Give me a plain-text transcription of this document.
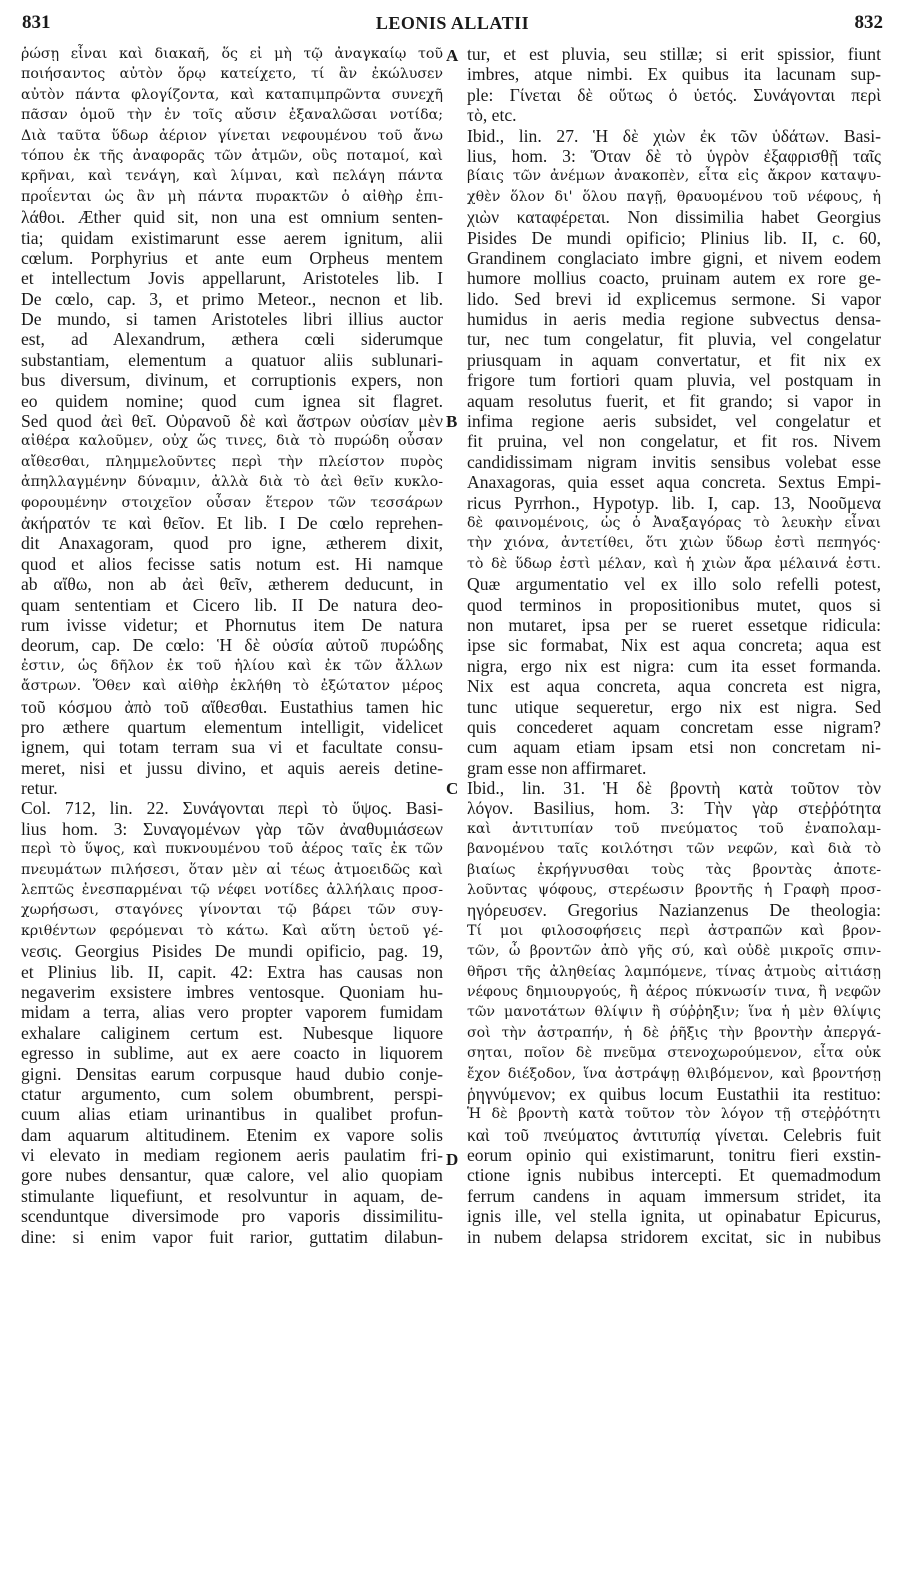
831	LEONIS ALLATII	832
ῥώσῃ εἶναι καὶ διακαῆ, ὅς εἰ μὴ τῷ ἀναγκαίῳ τοῦ
ποιήσαντος αὐτὸν ὅρῳ κατείχετο, τί ἂν ἐκώλυσεν
αὐτὸν πάντα φλογίζοντα, καὶ καταπιμπρῶντα συνεχῆ
πᾶσαν ὁμοῦ τὴν ἐν τοῖς αὔσιν ἐξαναλῶσαι νοτίδα;
Διὰ ταῦτα ὕδωρ ἀέριον γίνεται νεφουμένου τοῦ ἄνω
τόπου ἐκ τῆς ἀναφορᾶς τῶν ἀτμῶν, οὓς ποταμοί, καὶ
κρῆναι, καὶ τενάγη, καὶ λίμναι, καὶ πελάγη πάντα
προΐενται ὡς ἂν μὴ πάντα πυρακτῶν ὁ αἰθὴρ ἐπι-
λάθοι. Æther quid sit, non una est omnium senten-
tia; quidam existimarunt esse aerem ignitum, alii
cœlum. Porphyrius et ante eum Orpheus mentem
et intellectum Jovis appellarunt, Aristoteles lib. I
De cœlo, cap. 3, et primo Meteor., necnon et lib.
De mundo, si tamen Aristoteles libri illius auctor
est, ad Alexandrum, æthera cœli siderumque
substantiam, elementum a quatuor aliis sublunari-
bus diversum, divinum, et corruptionis expers, non
eo quidem nomine; quod cum ignea sit flagret.
Sed quod ἀεὶ θεῖ. Οὐρανοῦ δὲ καὶ ἄστρων οὐσίαν μὲν
αἰθέρα καλοῦμεν, οὐχ ὥς τινες, διὰ τὸ πυρώδη οὖσαν
αἴθεσθαι, πλημμελοῦντες περὶ τὴν πλείστον πυρὸς
ἀπηλλαγμένην δύναμιν, ἀλλὰ διὰ τὸ ἀεὶ θεῖν κυκλο-
φορουμένην στοιχεῖον οὖσαν ἕτερον τῶν τεσσάρων
ἀκήρατόν τε καὶ θεῖον. Et lib. I De cœlo reprehen-
dit Anaxagoram, quod pro igne, ætherem dixit,
quod et alios fecisse satis notum est. Hi namque
ab αἴθω, non ab ἀεὶ θεῖν, ætherem deducunt, in
quam sententiam et Cicero lib. II De natura deo-
rum ivisse videtur; et Phornutus item De natura
deorum, cap. De cœlo: Ἡ δὲ οὐσία αὐτοῦ πυρώδης
ἐστιν, ὡς δῆλον ἐκ τοῦ ἡλίου καὶ ἐκ τῶν ἄλλων
ἄστρων. Ὅθεν καὶ αἰθὴρ ἐκλήθη τὸ ἐξώτατον μέρος
τοῦ κόσμου ἀπὸ τοῦ αἴθεσθαι. Eustathius tamen hic
pro æthere quartum elementum intelligit, videlicet
ignem, qui totam terram sua vi et facultate consu-
meret, nisi et jussu divino, et aquis aereis detine-
retur.
Col. 712, lin. 22. Συνάγονται περὶ τὸ ὕψος. Basi-
lius hom. 3: Συναγομένων γὰρ τῶν ἀναθυμιάσεων
περὶ τὸ ὕψος, καὶ πυκνουμένου τοῦ ἀέρος ταῖς ἐκ τῶν
πνευμάτων πιλήσεσι, ὅταν μὲν αἱ τέως ἀτμοειδῶς καὶ
λεπτῶς ἐνεσπαρμέναι τῷ νέφει νοτίδες ἀλλήλαις προσ-
χωρήσωσι, σταγόνες γίνονται τῷ βάρει τῶν συγ-
κριθέντων φερόμεναι τὸ κάτω. Καὶ αὕτη ὑετοῦ γέ-
νεσις. Georgius Pisides De mundi opificio, pag. 19,
et Plinius lib. II, capit. 42: Extra has causas non
negaverim exsistere imbres ventosque. Quoniam hu-
midam a terra, alias vero propter vaporem fumidam
exhalare caliginem certum est. Nubesque liquore
egresso in sublime, aut ex aere coacto in liquorem
gigni. Densitas earum corpusque haud dubio conje-
ctatur argumento, cum solem obumbrent, perspi-
cuum alias etiam urinantibus in qualibet profun-
dam aquarum altitudinem. Etenim ex vapore solis
vi elevato in mediam regionem aeris paulatim fri-
gore nubes densantur, quæ calore, vel alio quopiam
stimulante liquefiunt, et resolvuntur in aquam, de-
scenduntque diversimode pro vaporis dissimilitu-
dine: si enim vapor fuit rarior, guttatim dilabun-
tur, et est pluvia, seu stillæ; si erit spissior, fiunt
imbres, atque nimbi. Ex quibus ita lacunam sup-
ple: Γίνεται δὲ οὕτως ὁ ὑετός. Συνάγονται περὶ
τὸ, etc.
Ibid., lin. 27. Ἡ δὲ χιὼν ἐκ τῶν ὑδάτων. Basi-
lius, hom. 3: Ὅταν δὲ τὸ ὑγρὸν ἐξαφρισθῇ ταῖς
βίαις τῶν ἀνέμων ἀνακοπὲν, εἶτα εἰς ἄκρον καταψυ-
χθὲν ὅλον δι' ὅλου παγῇ, θραυομένου τοῦ νέφους, ἡ
χιὼν καταφέρεται. Non dissimilia habet Georgius
Pisides De mundi opificio; Plinius lib. II, c. 60,
Grandinem conglaciato imbre gigni, et nivem eodem
humore mollius coacto, pruinam autem ex rore ge-
lido. Sed brevi id explicemus sermone. Si vapor
humidus in aeris media regione subvectus densa-
tur, nec tum congelatur, fit pluvia, vel congelatur
priusquam in aquam convertatur, et fit nix ex
frigore tum fortiori quam pluvia, vel postquam in
aquam resolutus fuerit, et fit grando; si vapor in
infima regione aeris subsidet, vel congelatur et
fit pruina, vel non congelatur, et fit ros. Nivem
candidissimam nigram invitis sensibus volebat esse
Anaxagoras, quia esset aqua concreta. Sextus Empi-
ricus Pyrrhon., Hypotyp. lib. I, cap. 13, Νοοῦμενα
δὲ φαινομένοις, ὡς ὁ Ἀναξαγόρας τὸ λευκὴν εἶναι
τὴν χιόνα, ἀντετίθει, ὅτι χιὼν ὕδωρ ἐστὶ πεπηγός·
τὸ δὲ ὕδωρ ἐστὶ μέλαν, καὶ ἡ χιὼν ἄρα μέλαινά ἐστι.
Quæ argumentatio vel ex illo solo refelli potest,
quod terminos in propositionibus mutet, quos si
non mutaret, ipsa per se rueret essetque ridicula:
ipse sic formabat, Nix est aqua concreta; aqua est
nigra, ergo nix est nigra: cum ita esset formanda.
Nix est aqua concreta, aqua concreta est nigra,
tunc utique sequeretur, ergo nix est nigra. Sed
quis concederet aquam concretam esse nigram?
cum aquam etiam ipsam etsi non concretam ni-
gram esse non affirmaret.
Ibid., lin. 31. Ἡ δὲ βροντὴ κατὰ τοῦτον τὸν
λόγον. Basilius, hom. 3: Τὴν γὰρ στεῤῥότητα
καὶ ἀντιτυπίαν τοῦ πνεύματος τοῦ ἐναπολαμ-
βανομένου ταῖς κοιλότησι τῶν νεφῶν, καὶ διὰ τὸ
βιαίως ἐκρήγνυσθαι τοὺς τὰς βροντὰς ἀποτε-
λοῦντας ψόφους, στερέωσιν βροντῆς ἡ Γραφὴ προσ-
ηγόρευσεν. Gregorius Nazianzenus De theologia:
Τί μοι φιλοσοφήσεις περὶ ἀστραπῶν καὶ βρον-
τῶν, ὦ βροντῶν ἀπὸ γῆς σύ, καὶ οὐδὲ μικροῖς σπιν-
θῆρσι τῆς ἀληθείας λαμπόμενε, τίνας ἀτμοὺς αἰτιάσῃ
νέφους δημιουργούς, ἢ ἀέρος πύκνωσίν τινα, ἢ νεφῶν
τῶν μανοτάτων θλίψιν ἢ σύῤῥηξιν; ἵνα ἡ μὲν θλίψις
σοὶ τὴν ἀστραπήν, ἡ δὲ ῥῆξις τὴν βροντὴν ἀπεργά-
σηται, ποῖον δὲ πνεῦμα στενοχωρούμενον, εἶτα οὐκ
ἔχον διέξοδον, ἵνα ἀστράψῃ θλιβόμενον, καὶ βροντήσῃ
ῥηγνύμενον; ex quibus locum Eustathii ita restituo:
Ἡ δὲ βροντὴ κατὰ τοῦτον τὸν λόγον τῇ στεῤῥότητι
καὶ τοῦ πνεύματος ἀντιτυπίᾳ γίνεται. Celebris fuit
eorum opinio qui existimarunt, tonitru fieri exstin-
ctione ignis nubibus intercepti. Et quemadmodum
ferrum candens in aquam immersum stridet, ita
ignis ille, vel stella ignita, ut opinabatur Epicurus,
in nubem delapsa stridorem excitat, sic in nubibus
A
B
C
D
